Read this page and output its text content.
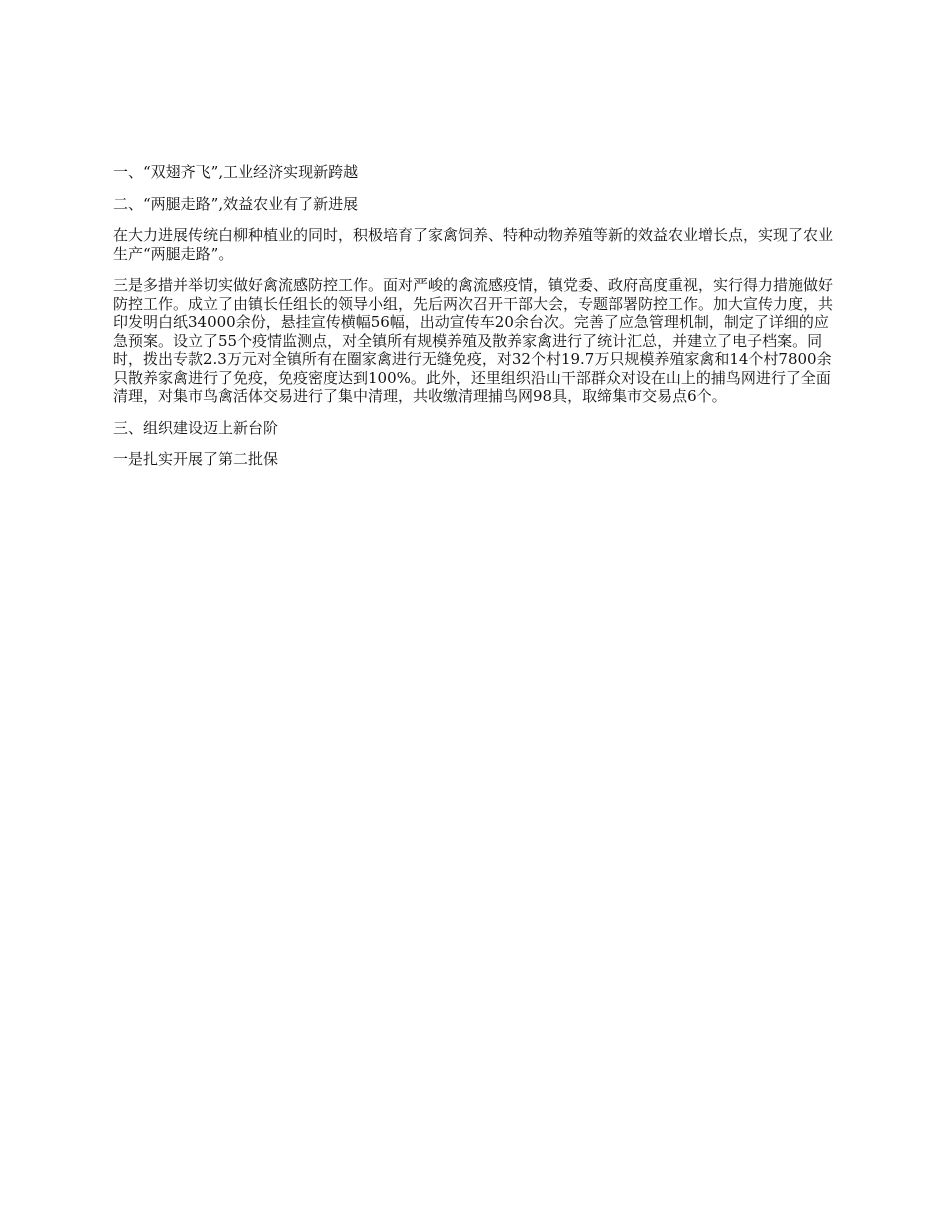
一、“双翅齐飞”,工业经济实现新跨越

二、“两腿走路”,效益农业有了新进展

在大力进展传统白柳种植业的同时，积极培育了家禽饲养、特种动物养殖等新的效益农业增长点，实现了农业生产“两腿走路”。

三是多措并举切实做好禽流感防控工作。面对严峻的禽流感疫情，镇党委、政府高度重视，实行得力措施做好防控工作。成立了由镇长任组长的领导小组，先后两次召开干部大会，专题部署防控工作。加大宣传力度，共印发明白纸34000余份，悬挂宣传横幅56幅，出动宣传车20余台次。完善了应急管理机制，制定了详细的应急预案。设立了55个疫情监测点，对全镇所有规模养殖及散养家禽进行了统计汇总，并建立了电子档案。同时，拨出专款2.3万元对全镇所有在圈家禽进行无缝免疫，对32个村19.7万只规模养殖家禽和14个村7800余只散养家禽进行了免疫，免疫密度达到100%。此外，还里组织沿山干部群众对设在山上的捕鸟网进行了全面清理，对集市鸟禽活体交易进行了集中清理，共收缴清理捕鸟网98具，取缔集市交易点6个。

三、组织建设迈上新台阶

一是扎实开展了第二批保
